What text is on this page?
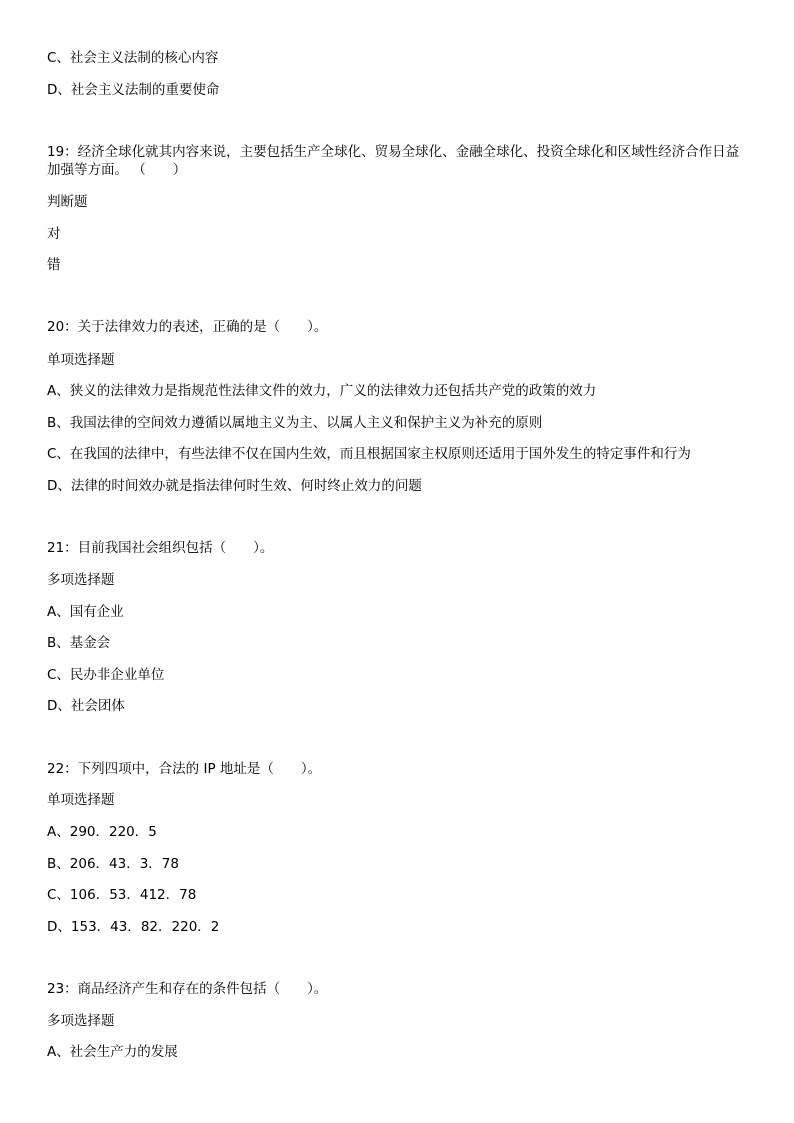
C、社会主义法制的核心内容
D、社会主义法制的重要使命
19：经济全球化就其内容来说，主要包括生产全球化、贸易全球化、金融全球化、投资全球化和区域性经济合作日益加强等方面。 （　　）
判断题
对
错
20：关于法律效力的表述，正确的是（　　）。
单项选择题
A、狭义的法律效力是指规范性法律文件的效力，广义的法律效力还包括共产党的政策的效力
B、我国法律的空间效力遵循以属地主义为主、以属人主义和保护主义为补充的原则
C、在我国的法律中，有些法律不仅在国内生效，而且根据国家主权原则还适用于国外发生的特定事件和行为
D、法律的时间效办就是指法律何时生效、何时终止效力的问题
21：目前我国社会组织包括（　　）。
多项选择题
A、国有企业
B、基金会
C、民办非企业单位
D、社会团体
22：下列四项中，合法的 IP 地址是（　　）。
单项选择题
A、290．220．5
B、206．43．3．78
C、106．53．412．78
D、153．43．82．220．2
23：商品经济产生和存在的条件包括（　　）。
多项选择题
A、社会生产力的发展
